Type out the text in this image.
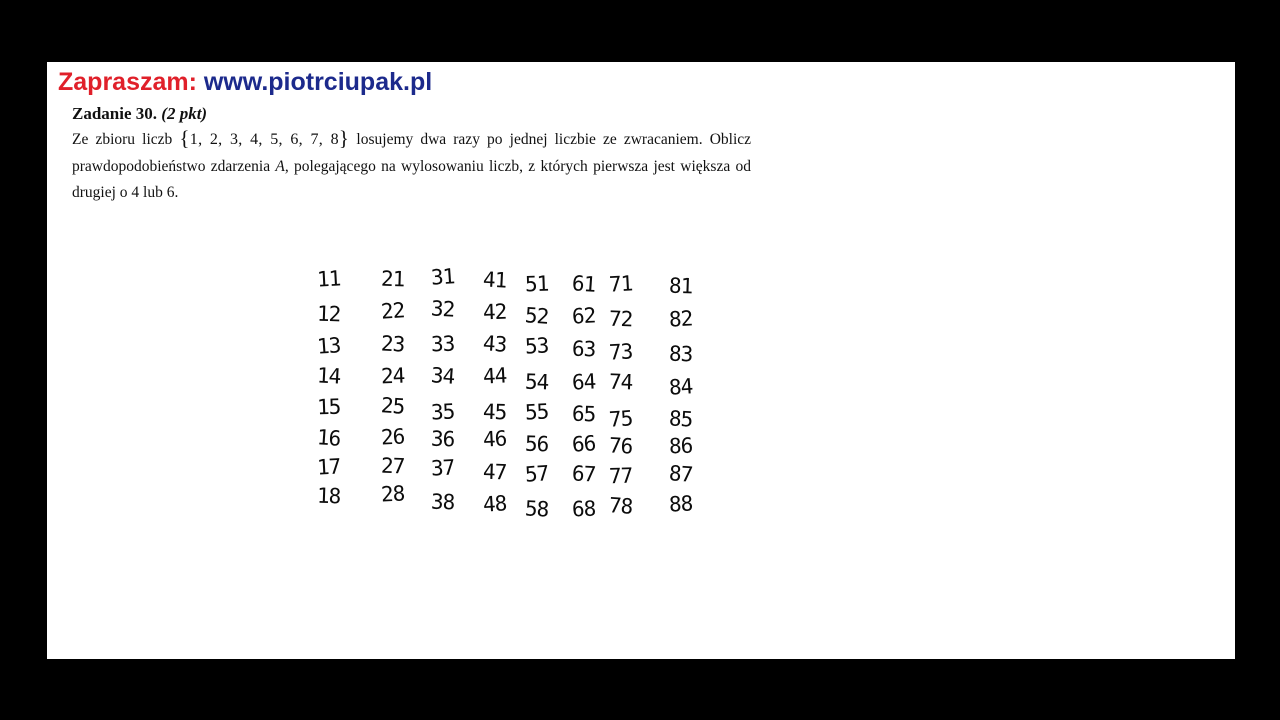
Zapraszam: www.piotrciupak.pl
Zadanie 30. (2 pkt)
Ze zbioru liczb {1, 2, 3, 4, 5, 6, 7, 8} losujemy dwa razy po jednej liczbie ze zwracaniem. Oblicz prawdopodobieństwo zdarzenia A, polegającego na wylosowaniu liczb, z których pierwsza jest większa od drugiej o 4 lub 6.
11
12
13
14
15
16
17
18
21
22
23
24
25
26
27
28
31
32
33
34
35
36
37
38
41
42
43
44
45
46
47
48
51
52
53
54
55
56
57
58
61
62
63
64
65
66
67
68
71
72
73
74
75
76
77
78
81
82
83
84
85
86
87
88
